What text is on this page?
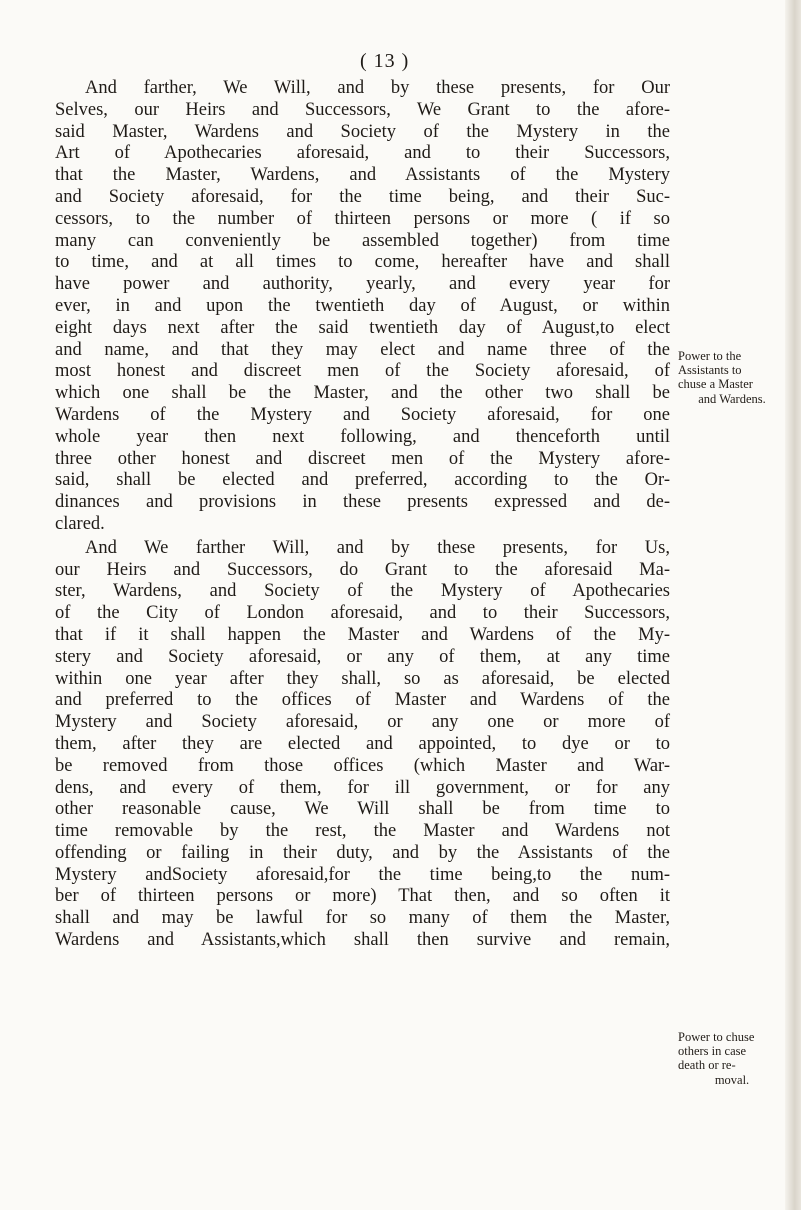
( 13 )
And farther, We Will, and by these presents, for Our
Selves, our Heirs and Successors, We Grant to the afore-
said Master, Wardens and Society of the Mystery in the
Art of Apothecaries aforesaid, and to their Successors,
that the Master, Wardens, and Assistants of the Mystery
and Society aforesaid, for the time being, and their Suc-
cessors, to the number of thirteen persons or more ( if so
many can conveniently be assembled together) from time
to time, and at all times to come, hereafter have and shall
have power and authority, yearly, and every year for
ever, in and upon the twentieth day of August, or within
eight days next after the said twentieth day of August,to elect
and name, and that they may elect and name three of the
most honest and discreet men of the Society aforesaid, of
which one shall be the Master, and the other two shall be
Wardens of the Mystery and Society aforesaid, for one
whole year then next following, and thenceforth until
three other honest and discreet men of the Mystery afore-
said, shall be elected and preferred, according to the Or-
dinances and provisions in these presents expressed and de-
clared.
And We farther Will, and by these presents, for Us,
our Heirs and Successors, do Grant to the aforesaid Ma-
ster, Wardens, and Society of the Mystery of Apothecaries
of the City of London aforesaid, and to their Successors,
that if it shall happen the Master and Wardens of the My-
stery and Society aforesaid, or any of them, at any time
within one year after they shall, so as aforesaid, be elected
and preferred to the offices of Master and Wardens of the
Mystery and Society aforesaid, or any one or more of
them, after they are elected and appointed, to dye or to
be removed from those offices (which Master and War-
dens, and every of them, for ill government, or for any
other reasonable cause, We Will shall be from time to
time removable by the rest, the Master and Wardens not
offending or failing in their duty, and by the Assistants of the
Mystery andSociety aforesaid,for the time being,to the num-
ber of thirteen persons or more) That then, and so often it
shall and may be lawful for so many of them the Master,
Wardens and Assistants,which shall then survive and remain,
Power to the
Assistants to
chuse a Master
and Wardens.
Power to chuse
others in case
death or re-
moval.
